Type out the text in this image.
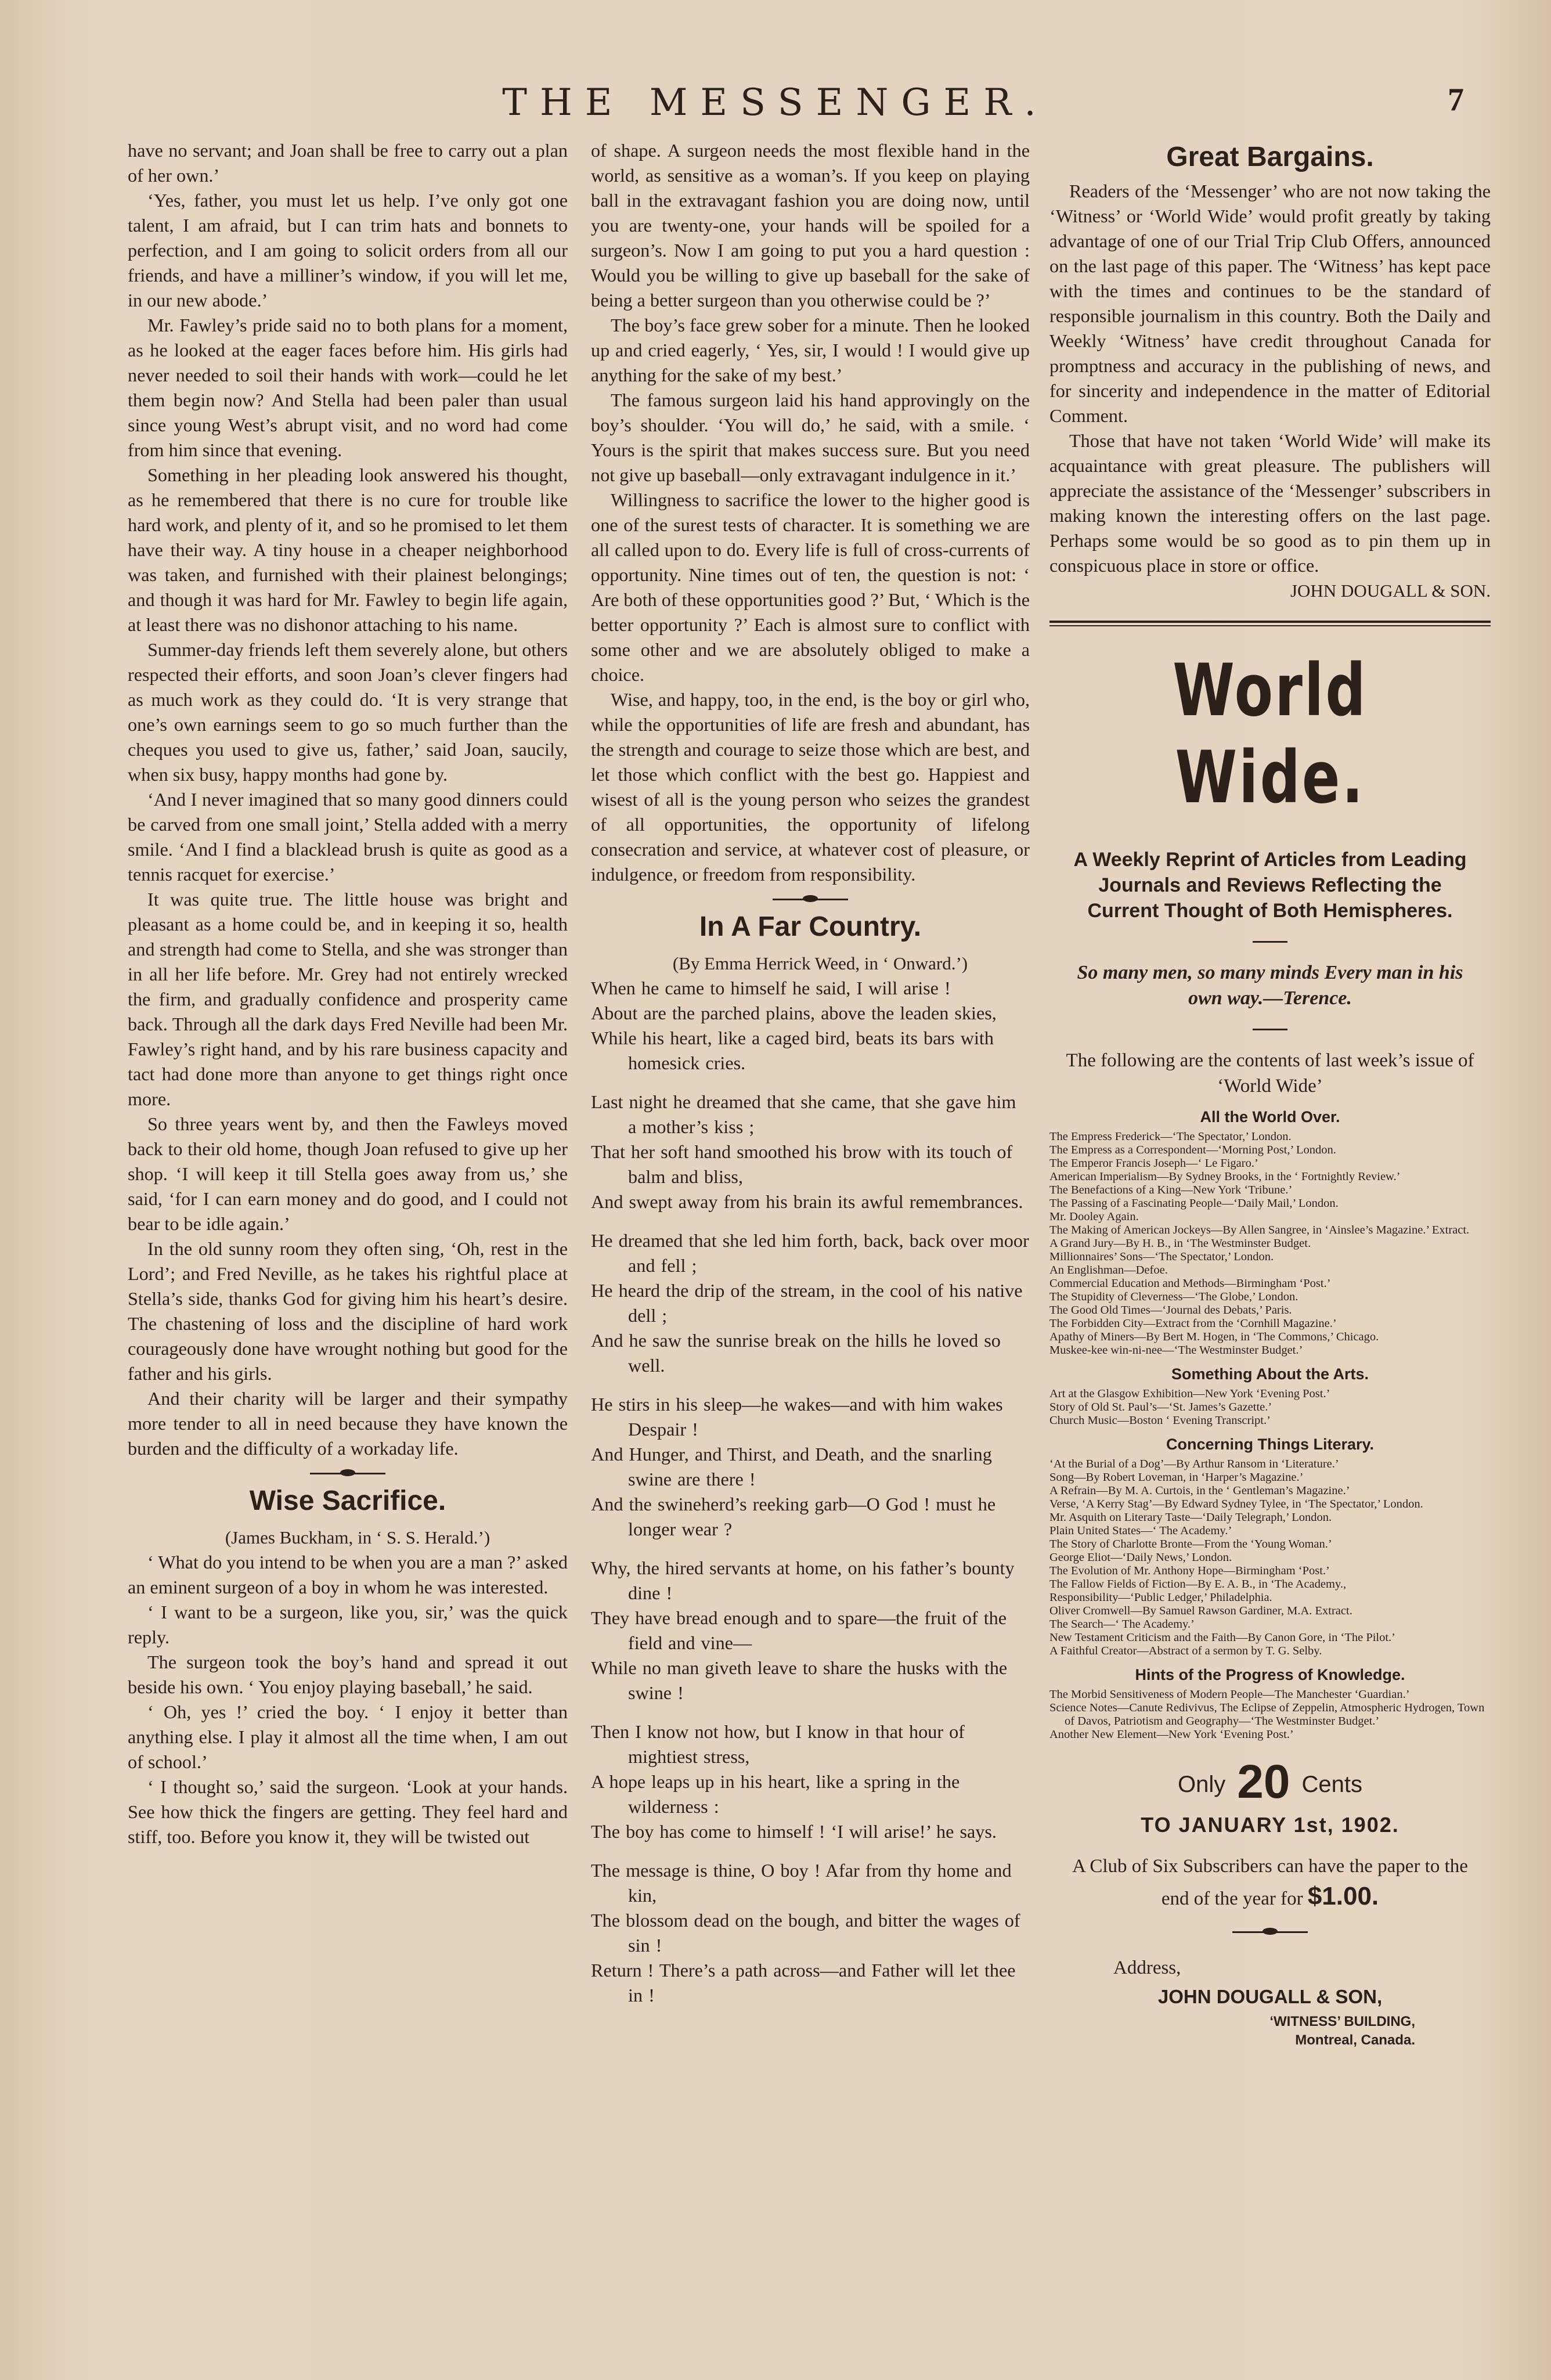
THE MESSENGER.	7

have no servant; and Joan shall be free to carry out a plan of her own.’

‘Yes, father, you must let us help. I’ve only got one talent, I am afraid, but I can trim hats and bonnets to perfection, and I am going to solicit orders from all our friends, and have a milliner’s window, if you will let me, in our new abode.’

Mr. Fawley’s pride said no to both plans for a moment, as he looked at the eager faces before him. His girls had never needed to soil their hands with work—could he let them begin now? And Stella had been paler than usual since young West’s abrupt visit, and no word had come from him since that evening.

Something in her pleading look answered his thought, as he remembered that there is no cure for trouble like hard work, and plenty of it, and so he promised to let them have their way. A tiny house in a cheaper neighborhood was taken, and furnished with their plainest belongings; and though it was hard for Mr. Fawley to begin life again, at least there was no dishonor attaching to his name.

Summer-day friends left them severely alone, but others respected their efforts, and soon Joan’s clever fingers had as much work as they could do. ‘It is very strange that one’s own earnings seem to go so much further than the cheques you used to give us, father,’ said Joan, saucily, when six busy, happy months had gone by.

‘And I never imagined that so many good dinners could be carved from one small joint,’ Stella added with a merry smile. ‘And I find a blacklead brush is quite as good as a tennis racquet for exercise.’

It was quite true. The little house was bright and pleasant as a home could be, and in keeping it so, health and strength had come to Stella, and she was stronger than in all her life before. Mr. Grey had not entirely wrecked the firm, and gradually confidence and prosperity came back. Through all the dark days Fred Neville had been Mr. Fawley’s right hand, and by his rare business capacity and tact had done more than anyone to get things right once more.

So three years went by, and then the Fawleys moved back to their old home, though Joan refused to give up her shop. ‘I will keep it till Stella goes away from us,’ she said, ‘for I can earn money and do good, and I could not bear to be idle again.’

In the old sunny room they often sing, ‘Oh, rest in the Lord’; and Fred Neville, as he takes his rightful place at Stella’s side, thanks God for giving him his heart’s desire. The chastening of loss and the discipline of hard work courageously done have wrought nothing but good for the father and his girls.

And their charity will be larger and their sympathy more tender to all in need because they have known the burden and the difficulty of a workaday life.

Wise Sacrifice.

(James Buckham, in ‘ S. S. Herald.’)

‘ What do you intend to be when you are a man ?’ asked an eminent surgeon of a boy in whom he was interested.

‘ I want to be a surgeon, like you, sir,’ was the quick reply.

The surgeon took the boy’s hand and spread it out beside his own. ‘ You enjoy playing baseball,’ he said.

‘ Oh, yes !’ cried the boy. ‘ I enjoy it better than anything else. I play it almost all the time when, I am out of school.’

‘ I thought so,’ said the surgeon. ‘Look at your hands. See how thick the fingers are getting. They feel hard and stiff, too. Before you know it, they will be twisted out

of shape. A surgeon needs the most flexible hand in the world, as sensitive as a woman’s. If you keep on playing ball in the extravagant fashion you are doing now, until you are twenty-one, your hands will be spoiled for a surgeon’s. Now I am going to put you a hard question : Would you be willing to give up baseball for the sake of being a better surgeon than you otherwise could be ?’

The boy’s face grew sober for a minute. Then he looked up and cried eagerly, ‘ Yes, sir, I would ! I would give up anything for the sake of my best.’

The famous surgeon laid his hand approvingly on the boy’s shoulder. ‘You will do,’ he said, with a smile. ‘ Yours is the spirit that makes success sure. But you need not give up baseball—only extravagant indulgence in it.’

Willingness to sacrifice the lower to the higher good is one of the surest tests of character. It is something we are all called upon to do. Every life is full of cross-currents of opportunity. Nine times out of ten, the question is not: ‘ Are both of these opportunities good ?’ But, ‘ Which is the better opportunity ?’ Each is almost sure to conflict with some other and we are absolutely obliged to make a choice.

Wise, and happy, too, in the end, is the boy or girl who, while the opportunities of life are fresh and abundant, has the strength and courage to seize those which are best, and let those which conflict with the best go. Happiest and wisest of all is the young person who seizes the grandest of all opportunities, the opportunity of lifelong consecration and service, at whatever cost of pleasure, or indulgence, or freedom from responsibility.

In A Far Country.

(By Emma Herrick Weed, in ‘ Onward.’)

When he came to himself he said, I will arise !
About are the parched plains, above the leaden skies,
While his heart, like a caged bird, beats its bars with homesick cries.
Last night he dreamed that she came, that she gave him a mother’s kiss ;
That her soft hand smoothed his brow with its touch of balm and bliss,
And swept away from his brain its awful remembrances.
He dreamed that she led him forth, back, back over moor and fell ;
He heard the drip of the stream, in the cool of his native dell ;
And he saw the sunrise break on the hills he loved so well.
He stirs in his sleep—he wakes—and with him wakes Despair !
And Hunger, and Thirst, and Death, and the snarling swine are there !
And the swineherd’s reeking garb—O God ! must he longer wear ?
Why, the hired servants at home, on his father’s bounty dine !
They have bread enough and to spare—the fruit of the field and vine—
While no man giveth leave to share the husks with the swine !
Then I know not how, but I know in that hour of mightiest stress,
A hope leaps up in his heart, like a spring in the wilderness :
The boy has come to himself ! ‘I will arise!’ he says.
The message is thine, O boy ! Afar from thy home and kin,
The blossom dead on the bough, and bitter the wages of sin !
Return ! There’s a path across—and Father will let thee in !
Great Bargains.

Readers of the ‘Messenger’ who are not now taking the ‘Witness’ or ‘World Wide’ would profit greatly by taking advantage of one of our Trial Trip Club Offers, announced on the last page of this paper. The ‘Witness’ has kept pace with the times and continues to be the standard of responsible journalism in this country. Both the Daily and Weekly ‘Witness’ have credit throughout Canada for promptness and accuracy in the publishing of news, and for sincerity and independence in the matter of Editorial Comment.

Those that have not taken ‘World Wide’ will make its acquaintance with great pleasure. The publishers will appreciate the assistance of the ‘Messenger’ subscribers in making known the interesting offers on the last page. Perhaps some would be so good as to pin them up in conspicuous place in store or office.

JOHN DOUGALL & SON.

World Wide.
A Weekly Reprint of Articles from Leading Journals and Reviews Reflecting the Current Thought of Both Hemispheres.
So many men, so many minds Every man in his own way.—Terence.
The following are the contents of last week’s issue of ‘World Wide’
All the World Over.
The Empress Frederick—‘The Spectator,’ London.
The Empress as a Correspondent—‘Morning Post,’ London.
The Emperor Francis Joseph—‘ Le Figaro.’
American Imperialism—By Sydney Brooks, in the ‘ Fortnightly Review.’
The Benefactions of a King—New York ‘Tribune.’
The Passing of a Fascinating People—‘Daily Mail,’ London.
Mr. Dooley Again.
The Making of American Jockeys—By Allen Sangree, in ‘Ainslee’s Magazine.’ Extract.
A Grand Jury—By H. B., in ‘The Westminster Budget.
Millionnaires’ Sons—‘The Spectator,’ London.
An Englishman—Defoe.
Commercial Education and Methods—Birmingham ‘Post.’
The Stupidity of Cleverness—‘The Globe,’ London.
The Good Old Times—‘Journal des Debats,’ Paris.
The Forbidden City—Extract from the ‘Cornhill Magazine.’
Apathy of Miners—By Bert M. Hogen, in ‘The Commons,’ Chicago.
Muskee-kee win-ni-nee—‘The Westminster Budget.’
Something About the Arts.
Art at the Glasgow Exhibition—New York ‘Evening Post.’
Story of Old St. Paul’s—‘St. James’s Gazette.’
Church Music—Boston ‘ Evening Transcript.’
Concerning Things Literary.
‘At the Burial of a Dog’—By Arthur Ransom in ‘Literature.’
Song—By Robert Loveman, in ‘Harper’s Magazine.’
A Refrain—By M. A. Curtois, in the ‘ Gentleman’s Magazine.’
Verse, ‘A Kerry Stag’—By Edward Sydney Tylee, in ‘The Spectator,’ London.
Mr. Asquith on Literary Taste—‘Daily Telegraph,’ London.
Plain United States—‘ The Academy.’
The Story of Charlotte Bronte—From the ‘Young Woman.’
George Eliot—‘Daily News,’ London.
The Evolution of Mr. Anthony Hope—Birmingham ‘Post.’
The Fallow Fields of Fiction—By E. A. B., in ‘The Academy.,
Responsibility—‘Public Ledger,’ Philadelphia.
Oliver Cromwell—By Samuel Rawson Gardiner, M.A. Extract.
The Search—‘ The Academy.’
New Testament Criticism and the Faith—By Canon Gore, in ‘The Pilot.’
A Faithful Creator—Abstract of a sermon by T. G. Selby.
Hints of the Progress of Knowledge.
The Morbid Sensitiveness of Modern People—The Manchester ‘Guardian.’
Science Notes—Canute Redivivus, The Eclipse of Zeppelin, Atmospheric Hydrogen, Town of Davos, Patriotism and Geography—‘The Westminster Budget.’
Another New Element—New York ‘Evening Post.’
Only 20 Cents
TO JANUARY 1st, 1902.
A Club of Six Subscribers can have the paper to the end of the year for $1.00.
Address,
JOHN DOUGALL & SON,
‘WITNESS’ BUILDING,
Montreal, Canada.
